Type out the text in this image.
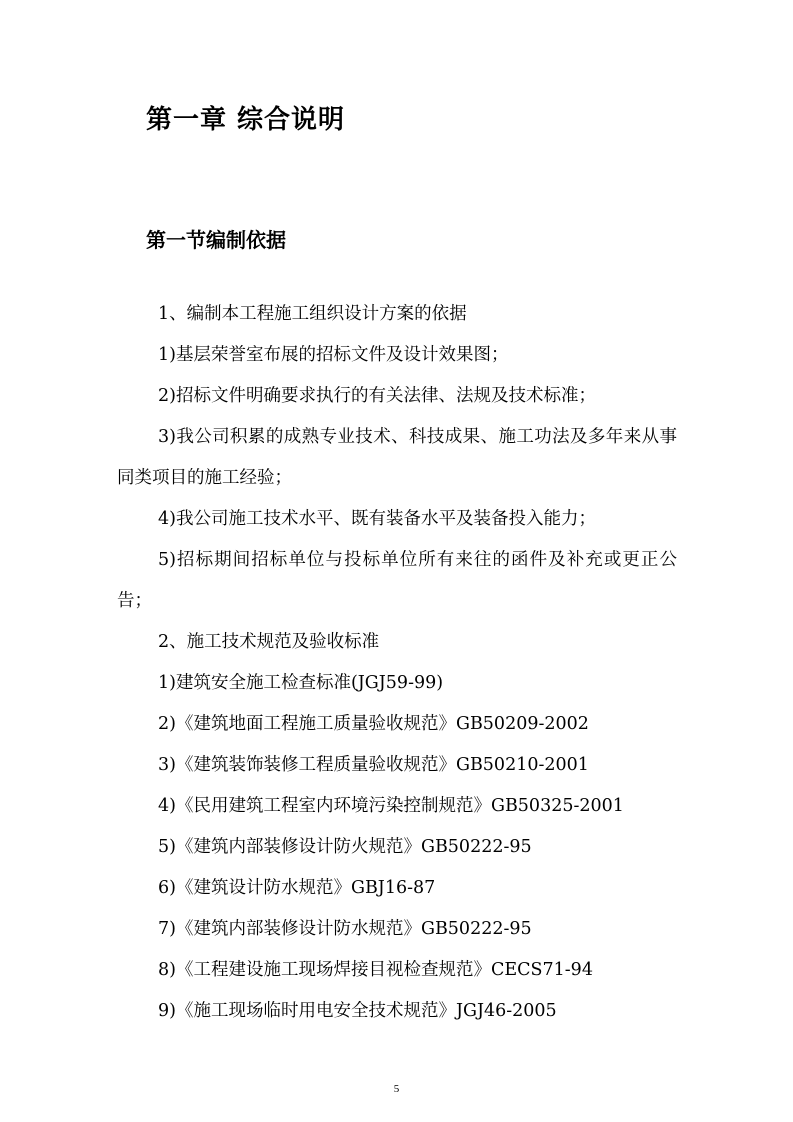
第一章 综合说明
第一节编制依据

1、编制本工程施工组织设计方案的依据

1)基层荣誉室布展的招标文件及设计效果图；

2)招标文件明确要求执行的有关法律、法规及技术标准；

3)我公司积累的成熟专业技术、科技成果、施工功法及多年来从事同类项目的施工经验；

4)我公司施工技术水平、既有装备水平及装备投入能力；

5)招标期间招标单位与投标单位所有来往的函件及补充或更正公告；

2、施工技术规范及验收标准

1)建筑安全施工检查标准(JGJ59-99)

2)《建筑地面工程施工质量验收规范》GB50209-2002

3)《建筑装饰装修工程质量验收规范》GB50210-2001

4)《民用建筑工程室内环境污染控制规范》GB50325-2001

5)《建筑内部装修设计防火规范》GB50222-95

6)《建筑设计防水规范》GBJ16-87

7)《建筑内部装修设计防水规范》GB50222-95

8)《工程建设施工现场焊接目视检查规范》CECS71-94

9)《施工现场临时用电安全技术规范》JGJ46-2005

5
